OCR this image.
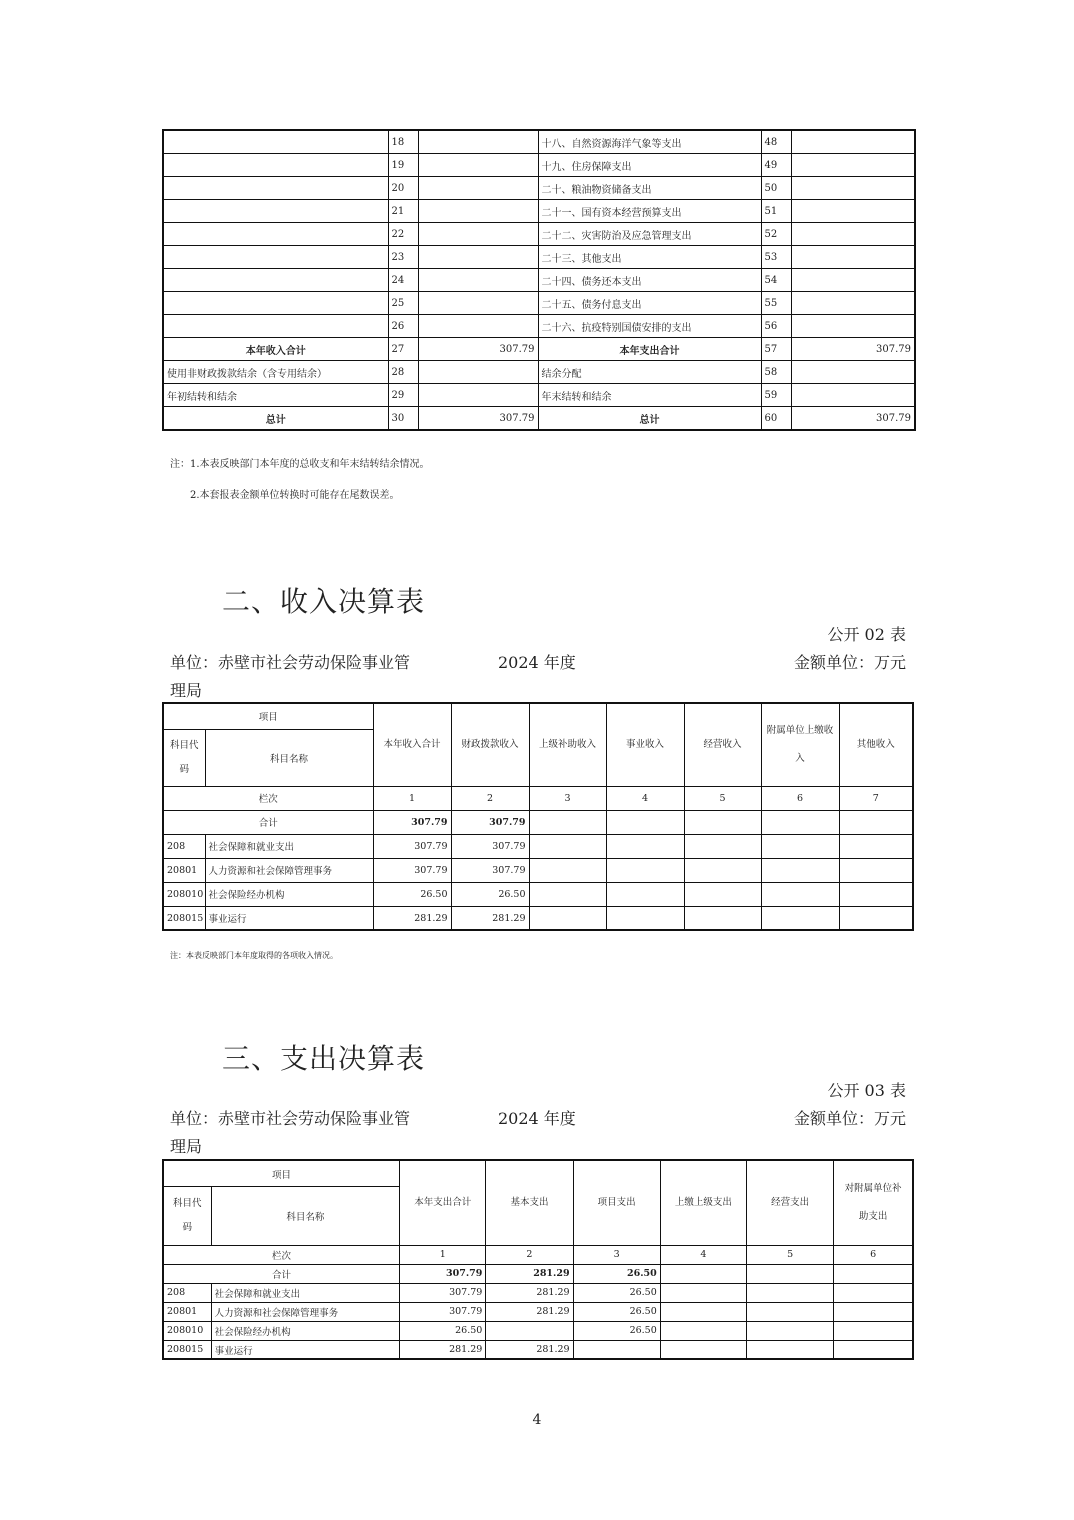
	18		十八、自然资源海洋气象等支出	48	
	19		十九、住房保障支出	49	
	20		二十、粮油物资储备支出	50	
	21		二十一、国有资本经营预算支出	51	
	22		二十二、灾害防治及应急管理支出	52	
	23		二十三、其他支出	53	
	24		二十四、债务还本支出	54	
	25		二十五、债务付息支出	55	
	26		二十六、抗疫特别国债安排的支出	56	
本年收入合计	27	307.79	本年支出合计	57	307.79
使用非财政拨款结余（含专用结余）	28		结余分配	58	
年初结转和结余	29		年末结转和结余	59	
总计	30	307.79	总计	60	307.79
注：1.本表反映部门本年度的总收支和年末结转结余情况。
2.本套报表金额单位转换时可能存在尾数误差。
二、收入决算表
公开 02 表
单位：赤壁市社会劳动保险事业管	2024 年度	金额单位：万元
理局
项目		本年收入合计	财政拨款收入	上级补助收入	事业收入	经营收入	附属单位上缴收
入	其他收入

科目代
码	科目名称							
栏次		1	2	3	4	5	6	7
合计		307.79	307.79					
208	社会保障和就业支出	307.79	307.79					
20801	人力资源和社会保障管理事务	307.79	307.79					
208010	社会保险经办机构	26.50	26.50					
208015	事业运行	281.29	281.29					
注：本表反映部门本年度取得的各项收入情况。
三、支出决算表
公开 03 表
单位：赤壁市社会劳动保险事业管	2024 年度	金额单位：万元
理局
项目		本年支出合计	基本支出	项目支出	上缴上级支出	经营支出	对附属单位补
助支出

科目代
码	科目名称						
栏次		1	2	3	4	5	6
合计		307.79	281.29	26.50			
208	社会保障和就业支出	307.79	281.29	26.50			
20801	人力资源和社会保障管理事务	307.79	281.29	26.50			
208010	社会保险经办机构	26.50		26.50			
208015	事业运行	281.29	281.29				
4
